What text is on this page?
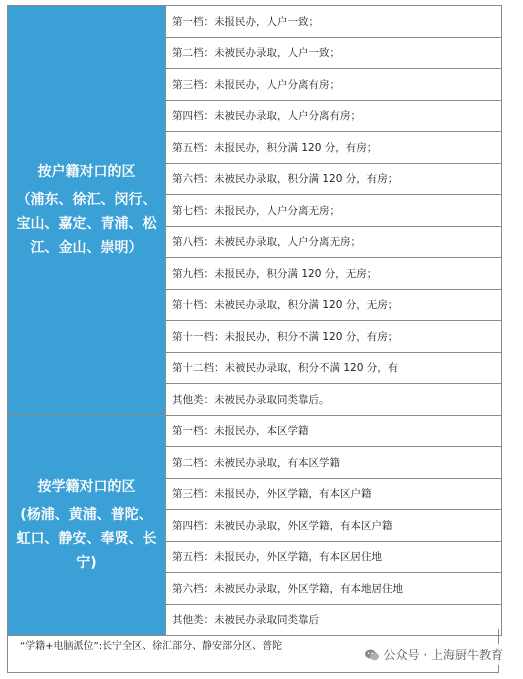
按户籍对口的区
（浦东、徐汇、闵行、宝山、嘉定、青浦、松江、金山、崇明）	第一档：未报民办，人户一致；
	第二档：未被民办录取，人户一致；
	第三档：未报民办，人户分离有房；
	第四档：未被民办录取，人户分离有房；
	第五档：未报民办，积分满 120 分，有房；
	第六档：未被民办录取，积分满 120 分，有房；
	第七档：未报民办，人户分离无房；
	第八档：未被民办录取，人户分离无房；
	第九档：未报民办，积分满 120 分，无房；
	第十档：未被民办录取，积分满 120 分，无房；
	第十一档：未报民办，积分不满 120 分，有房；
	第十二档：未被民办录取，积分不满 120 分，有
	其他类：未被民办录取同类靠后。

按学籍对口的区
(杨浦、黄浦、普陀、虹口、静安、奉贤、长宁)	第一档：未报民办，本区学籍
	第二档：未被民办录取，有本区学籍
	第三档：未报民办，外区学籍，有本区户籍
	第四档：未被民办录取，外区学籍，有本区户籍
	第五档：未报民办，外区学籍，有本区居住地
	第六档：未被民办录取，外区学籍，有本地居住地
	其他类：未被民办录取同类靠后
“学籍+电脑派位”:长宁全区、徐汇部分、静安部分区、普陀
公众号 · 上海厨牛教育
